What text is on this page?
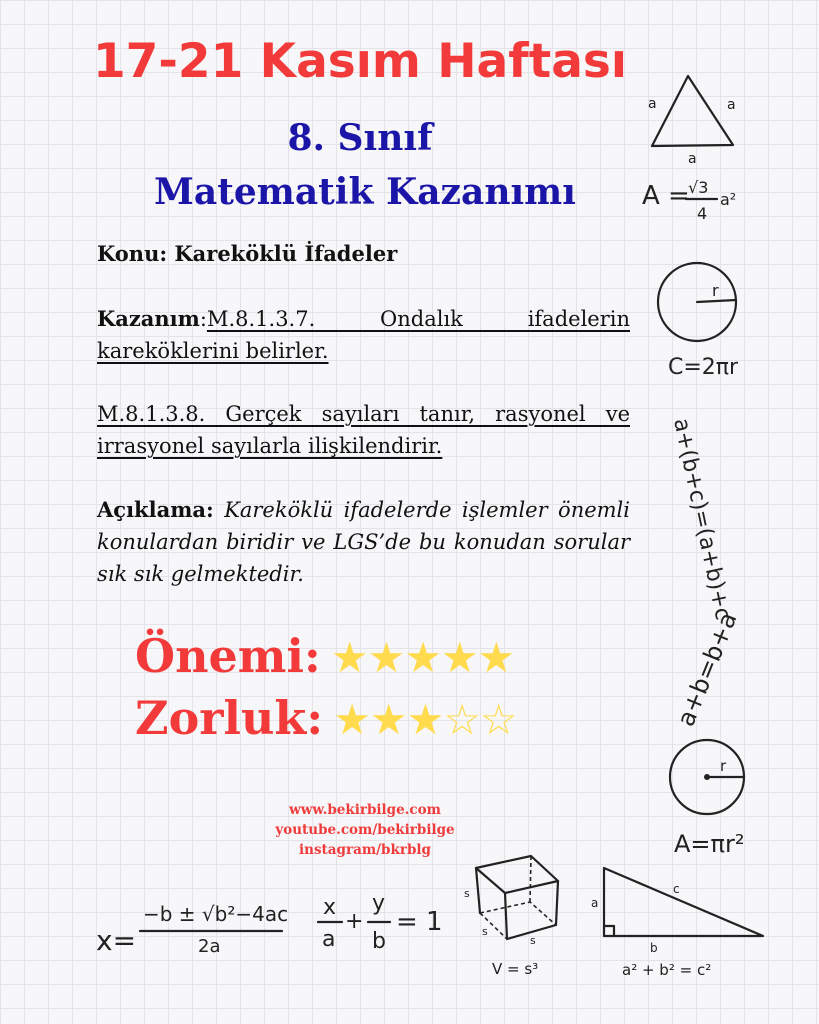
17-21 Kasım Haftası
8. Sınıf
Matematik Kazanımı
Konu: Kareköklü İfadeler
Kazanım:M.8.1.3.7. Ondalık ifadelerin kareköklerini belirler.
M.8.1.3.8. Gerçek sayıları tanır, rasyonel ve irrasyonel sayılarla ilişkilendirir.
Açıklama: Kareköklü ifadelerde işlemler önemli konulardan biridir ve LGS’de bu konudan sorular sık sık gelmektedir.
Önemi: ★★★★★
Zorluk: ★★★☆☆
www.bekirbilge.com
youtube.com/bekirbilge
instagram/bkrblg
a	a
a
A =
√3
4
a²
r
C=2πr
a+(b+c)=(a+b)+c
a+b=b+a
r
A=πr²
x=
−b ± √b²−4ac
2a
x
a
+
y
b
= 1
s
s
s
V = s³
a
c
b
a² + b² = c²
